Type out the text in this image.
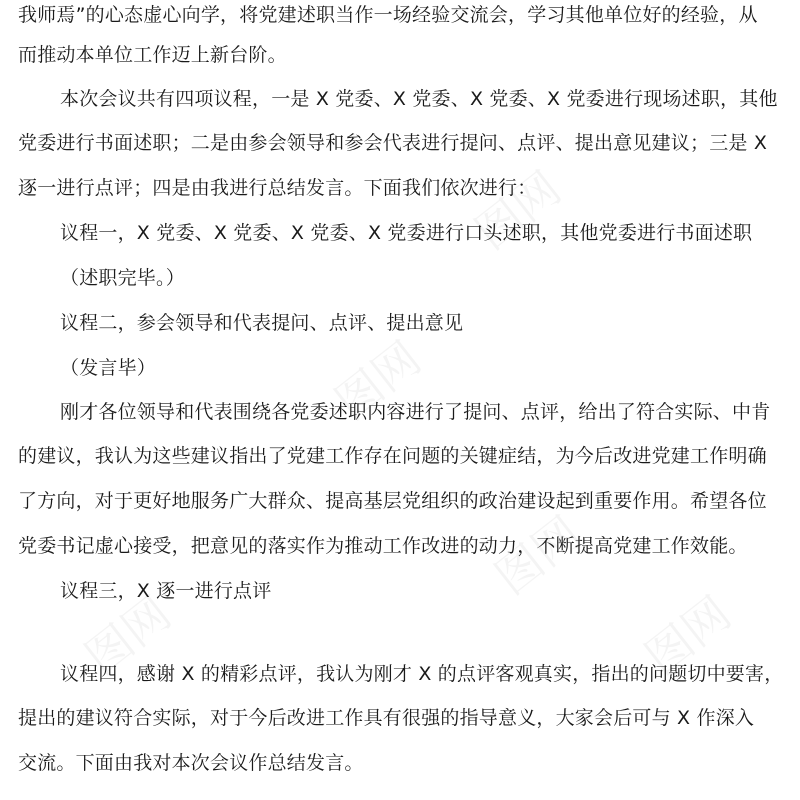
我师焉”的心态虚心向学，将党建述职当作一场经验交流会，学习其他单位好的经验，从
而推动本单位工作迈上新台阶。
本次会议共有四项议程，一是 X 党委、X 党委、X 党委、X 党委进行现场述职，其他
党委进行书面述职；二是由参会领导和参会代表进行提问、点评、提出意见建议；三是 X
逐一进行点评；四是由我进行总结发言。下面我们依次进行：
议程一，X 党委、X 党委、X 党委、X 党委进行口头述职，其他党委进行书面述职
（述职完毕。）
议程二，参会领导和代表提问、点评、提出意见
（发言毕）
刚才各位领导和代表围绕各党委述职内容进行了提问、点评，给出了符合实际、中肯
的建议，我认为这些建议指出了党建工作存在问题的关键症结，为今后改进党建工作明确
了方向，对于更好地服务广大群众、提高基层党组织的政治建设起到重要作用。希望各位
党委书记虚心接受，把意见的落实作为推动工作改进的动力，不断提高党建工作效能。
议程三，X 逐一进行点评
议程四，感谢 X 的精彩点评，我认为刚才 X 的点评客观真实，指出的问题切中要害，
提出的建议符合实际，对于今后改进工作具有很强的指导意义，大家会后可与 X 作深入
交流。下面由我对本次会议作总结发言。
